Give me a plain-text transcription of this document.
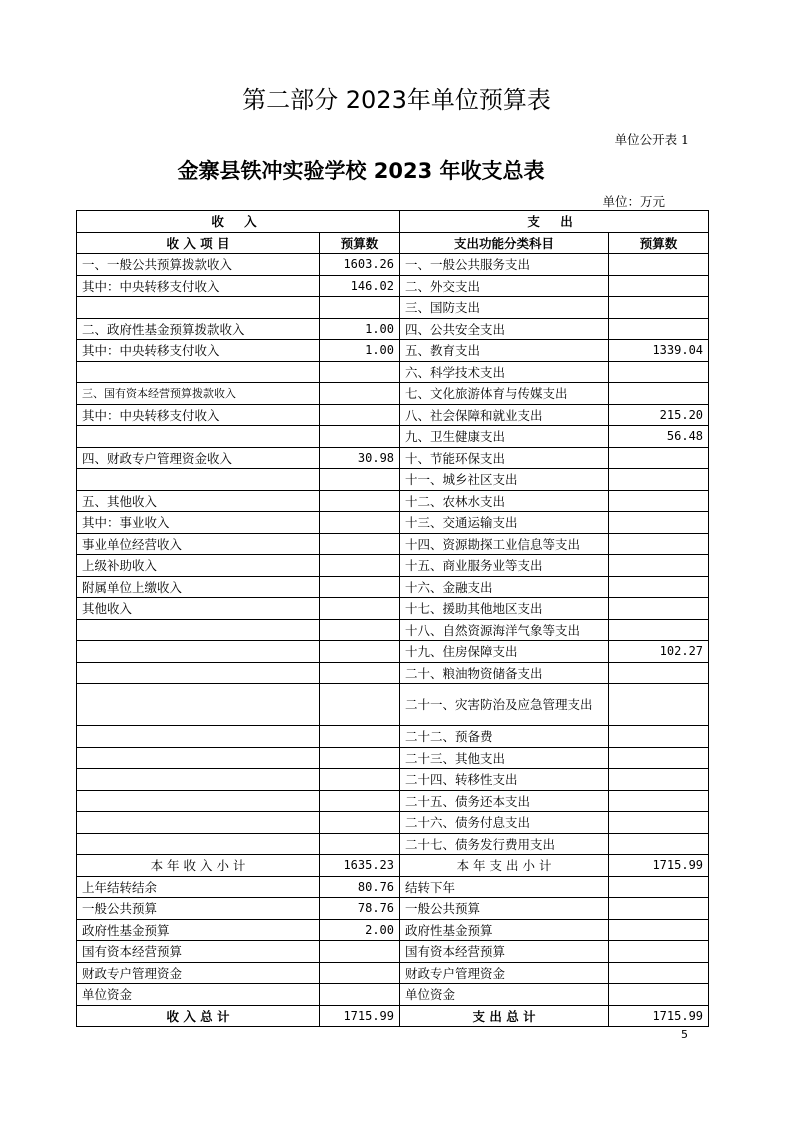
第二部分 2023年单位预算表
单位公开表 1
金寨县铁冲实验学校 2023 年收支总表
单位：万元
收 入		支 出	
收 入 项 目	预算数	支出功能分类科目	预算数
一、一般公共预算拨款收入	1603.26	一、一般公共服务支出	
其中：中央转移支付收入	146.02	二、外交支出	
		三、国防支出	
二、政府性基金预算拨款收入	1.00	四、公共安全支出	
其中：中央转移支付收入	1.00	五、教育支出	1339.04
		六、科学技术支出	
三、国有资本经营预算拨款收入		七、文化旅游体育与传媒支出	
其中：中央转移支付收入		八、社会保障和就业支出	215.20
		九、卫生健康支出	56.48
四、财政专户管理资金收入	30.98	十、节能环保支出	
		十一、城乡社区支出	
五、其他收入		十二、农林水支出	
其中：事业收入		十三、交通运输支出	
事业单位经营收入		十四、资源勘探工业信息等支出	
上级补助收入		十五、商业服务业等支出	
附属单位上缴收入		十六、金融支出	
其他收入		十七、援助其他地区支出	
		十八、自然资源海洋气象等支出	
		十九、住房保障支出	102.27
		二十、粮油物资储备支出	
		二十一、灾害防治及应急管理支出	
		二十二、预备费	
		二十三、其他支出	
		二十四、转移性支出	
		二十五、债务还本支出	
		二十六、债务付息支出	
		二十七、债务发行费用支出	
本 年 收 入 小 计	1635.23	本 年 支 出 小 计	1715.99
上年结转结余	80.76	结转下年	
一般公共预算	78.76	一般公共预算	
政府性基金预算	2.00	政府性基金预算	
国有资本经营预算		国有资本经营预算	
财政专户管理资金		财政专户管理资金	
单位资金		单位资金	
收 入 总 计	1715.99	支 出 总 计	1715.99
5
